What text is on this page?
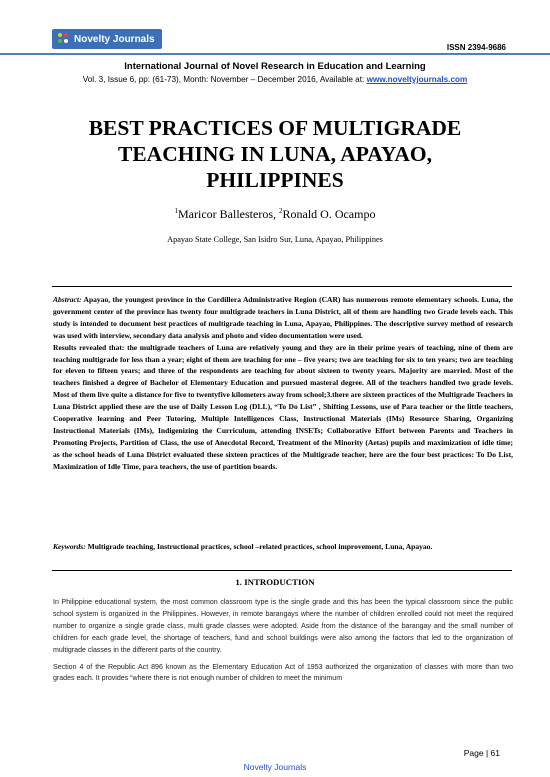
Novelty Journals
ISSN 2394-9686
International Journal of Novel Research in Education and Learning
Vol. 3, Issue 6, pp: (61-73), Month: November – December 2016, Available at: www.noveltyjournals.com
BEST PRACTICES OF MULTIGRADE TEACHING IN LUNA, APAYAO, PHILIPPINES
$^1$Maricor Ballesteros, $^2$Ronald O. Ocampo
Apayao State College, San Isidro Sur, Luna, Apayao, Philippines

Abstract: Apayao, the youngest province in the Cordillera Administrative Region (CAR) has numerous remote elementary schools. Luna, the government center of the province has twenty four multigrade teachers in Luna District, all of them are handling two Grade levels each. This study is intended to document best practices of multigrade teaching in Luna, Apayao, Philippines. The descriptive survey method of research was used with interview, secondary data analysis and photo and video documentation were used.

Results revealed that: the multigrade teachers of Luna are relatively young and they are in their prime years of teaching, nine of them are teaching multigrade for less than a year; eight of them are teaching for one – five years; two are teaching for six to ten years; two are teaching for eleven to fifteen years; and three of the respondents are teaching for about sixteen to twenty years. Majority are married. Most of the teachers finished a degree of Bachelor of Elementary Education and pursued masteral degree. All of the teachers handled two grade levels. Most of them live quite a distance for five to twentyfive kilometers away from school;3.there are sixteen practices of the Multigrade Teachers in Luna District applied these are the use of Daily Lesson Log (DLL), “To Do List” , Shifting Lessons, use of Para teacher or the little teachers, Cooperative learning and Peer Tutoring, Multiple Intelligences Class, Instructional Materials (IMs) Resource Sharing, Organizing Instructional Materials (IMs), Indigenizing the Curriculum, attending INSETs; Collaborative Effort between Parents and Teachers in Promoting Projects, Partition of Class, the use of Anecdotal Record, Treatment of the Minority (Aetas) pupils and maximization of idle time; as the school heads of Luna District evaluated these sixteen practices of the Multigrade teacher, here are the four best practices: To Do List, Maximization of Idle Time, para teachers, the use of partition boards.

Keywords: Multigrade teaching, Instructional practices, school –related practices, school improvement, Luna, Apayao.
1. INTRODUCTION

In Philippine educational system, the most common classroom type is the single grade and this has been the typical classroom since the public school system is organized in the Philippines. However, in remote barangays where the number of children enrolled could not meet the required number to organize a single grade class, multi grade classes were adopted. Aside from the distance of the barangay and the small number of children for each grade level, the shortage of teachers, fund and school buildings were also among the factors that led to the organization of multigrade classes in the different parts of the country.

Section 4 of the Republic Act 896 known as the Elementary Education Act of 1953 authorized the organization of classes with more than two grades each. It provides “where there is not enough number of children to meet the minimum

Page | 61
Novelty Journals
